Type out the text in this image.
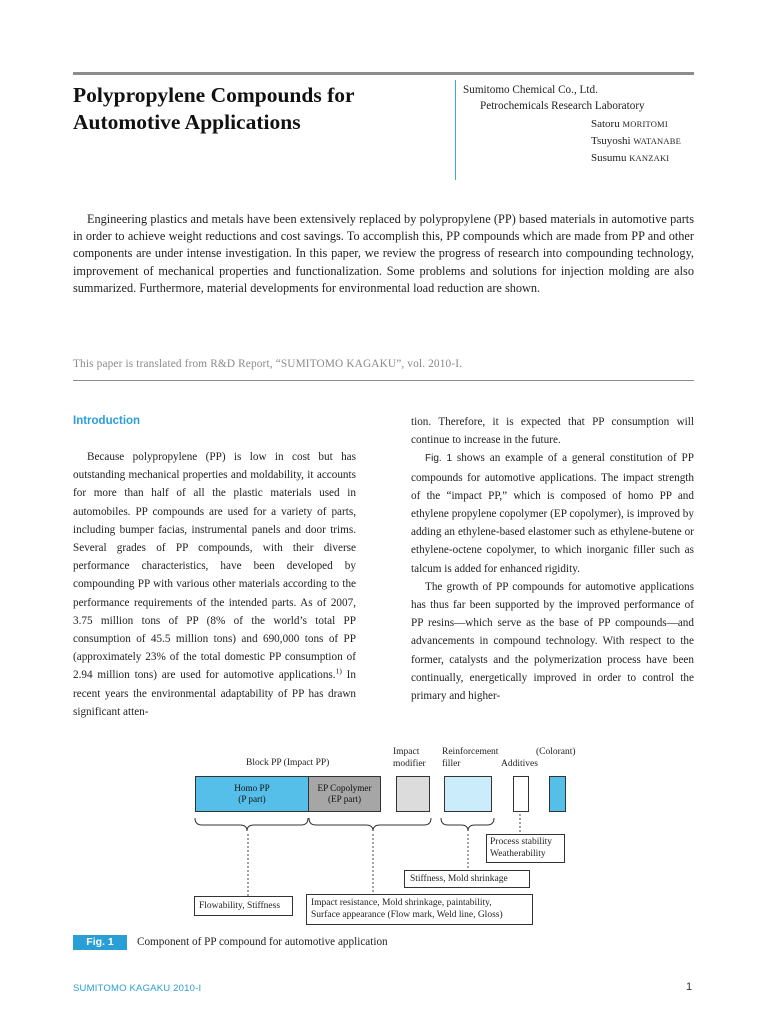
Polypropylene Compounds for
Automotive Applications
Sumitomo Chemical Co., Ltd.
Petrochemicals Research Laboratory
Satoru MORITOMI
Tsuyoshi WATANABE
Susumu KANZAKI

Engineering plastics and metals have been extensively replaced by polypropylene (PP) based materials in automotive parts in order to achieve weight reductions and cost savings. To accomplish this, PP compounds which are made from PP and other components are under intense investigation. In this paper, we review the progress of research into compounding technology, improvement of mechanical properties and functionalization. Some problems and solutions for injection molding are also summarized. Furthermore, material developments for environmental load reduction are shown.

This paper is translated from R&D Report, “SUMITOMO KAGAKU”, vol. 2010-I.
Introduction

Because polypropylene (PP) is low in cost but has outstanding mechanical properties and moldability, it accounts for more than half of all the plastic materials used in automobiles. PP compounds are used for a variety of parts, including bumper facias, instrumental panels and door trims. Several grades of PP compounds, with their diverse performance characteristics, have been developed by compounding PP with various other materials according to the performance requirements of the intended parts. As of 2007, 3.75 million tons of PP (8% of the world’s total PP consumption of 45.5 million tons) and 690,000 tons of PP (approximately 23% of the total domestic PP consumption of 2.94 million tons) are used for automotive applications.$^{1)}$ In recent years the environmental adaptability of PP has drawn significant atten-

tion. Therefore, it is expected that PP consumption will continue to increase in the future.

Fig. 1 shows an example of a general constitution of PP compounds for automotive applications. The impact strength of the “impact PP,” which is composed of homo PP and ethylene propylene copolymer (EP copolymer), is improved by adding an ethylene-based elastomer such as ethylene-butene or ethylene-octene copolymer, to which inorganic filler such as talcum is added for enhanced rigidity.

The growth of PP compounds for automotive applications has thus far been supported by the improved performance of PP resins—which serve as the base of PP compounds—and advancements in compound technology. With respect to the former, catalysts and the polymerization process have been continually, energetically improved in order to control the primary and higher-

Block PP (Impact PP)
Impact
modifier
Reinforcement
filler	Additives
(Colorant)
Homo PP
(P part)
EP Copolymer
(EP part)
Process stability
Weatherability
Stiffness, Mold shrinkage
Flowability, Stiffness	Impact resistance, Mold shrinkage, paintability,
Surface appearance (Flow mark, Weld line, Gloss)
Fig. 1	Component of PP compound for automotive application
SUMITOMO KAGAKU 2010-I	1
